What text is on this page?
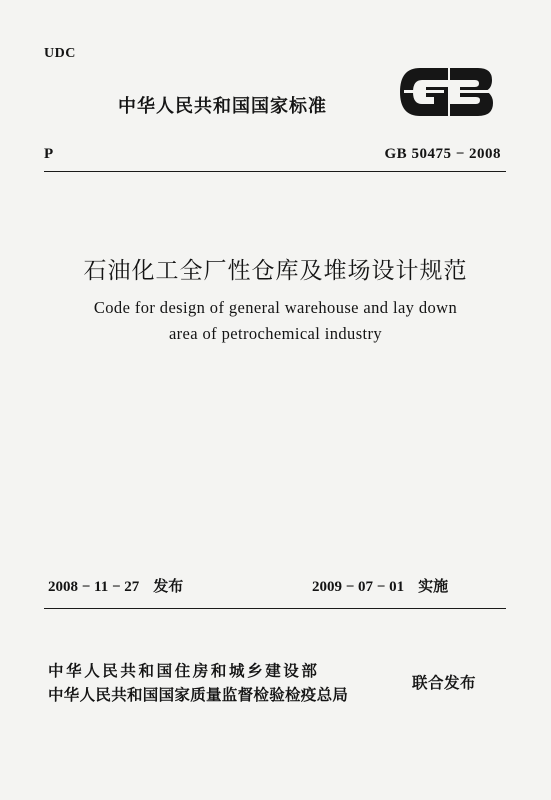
UDC
中华人民共和国国家标准
P	GB 50475 − 2008
石油化工全厂性仓库及堆场设计规范
Code for design of general warehouse and lay down
area of petrochemical industry
2008 − 11 − 27 发布	2009 − 07 − 01 实施
中华人民共和国住房和城乡建设部
中华人民共和国国家质量监督检验检疫总局
联合发布
